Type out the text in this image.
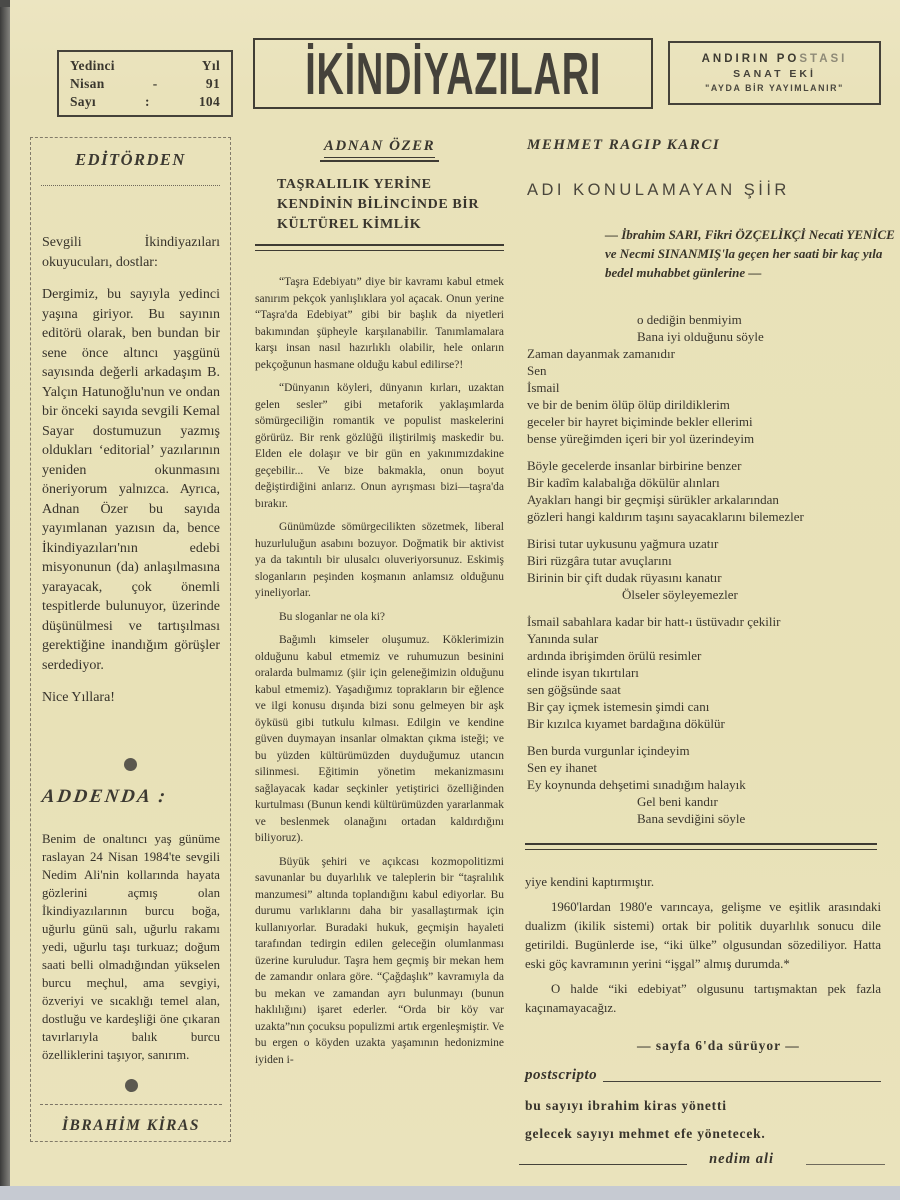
Yedinci Yıl
Nisan - 91
Sayı : 104 İKİNDİYAZILARI	ANDIRIN POSTASI
SANAT EKİ
"AYDA BİR YAYIMLANIR"
EDİTÖRDEN

Sevgili İkindiyazıları okuyucuları, dostlar:

Dergimiz, bu sayıyla yedinci yaşına giriyor. Bu sayının editörü olarak, ben bundan bir sene önce altıncı yaşgünü sayısında değerli arkadaşım B. Yalçın Hatunoğlu'nun ve ondan bir önceki sayıda sevgili Kemal Sayar dostumuzun yazmış oldukları ‘editorial’ yazılarının yeniden okunmasını öneriyorum yalnızca. Ayrıca, Adnan Özer bu sayıda yayımlanan yazısın da, bence İkindiyazıları'nın edebi misyonunun (da) anlaşılmasına yarayacak, çok önemli tespitlerde bulunuyor, üzerinde düşünülmesi ve tartışılması gerektiğine inandığım görüşler serdediyor.

Nice Yıllara!

ADDENDA :
Benim de onaltıncı yaş günüme raslayan 24 Nisan 1984'te sevgili Nedim Ali'nin kollarında hayata gözlerini açmış olan İkindiyazılarının burcu boğa, uğurlu günü salı, uğurlu rakamı yedi, uğurlu taşı turkuaz; doğum saati belli olmadığından yükselen burcu meçhul, ama sevgiyi, özveriyi ve sıcaklığı temel alan, dostluğu ve kardeşliği öne çıkaran tavırlarıyla balık burcu özelliklerini taşıyor, sanırım.
İBRAHİM KİRAS
ADNAN ÖZER
TAŞRALILIK YERİNE KENDİNİN BİLİNCİNDE BİR KÜLTÜREL KİMLİK

“Taşra Edebiyatı” diye bir kavramı kabul etmek sanırım pekçok yanlışlıklara yol açacak. Onun yerine “Taşra'da Edebiyat” gibi bir başlık da niyetleri bakımından şüpheyle karşılanabilir. Tanımlamalara karşı insan nasıl hazırlıklı olabilir, hele onların pekçoğunun hasmane olduğu kabul edilirse?!

“Dünyanın köyleri, dünyanın kırları, uzaktan gelen sesler” gibi metaforik yaklaşımlarda sömürgeciliğin romantik ve populist maskelerini görürüz. Bir renk gözlüğü iliştirilmiş maskedir bu. Elden ele dolaşır ve bir gün en yakınımızdakine geçebilir... Ve bize bakmakla, onun boyut değiştirdiğini anlarız. Onun ayrışması bizi—taşra'da bırakır.

Günümüzde sömürgecilikten sözetmek, liberal huzurluluğun asabını bozuyor. Doğmatik bir aktivist ya da takıntılı bir ulusalcı oluveriyorsunuz. Eskimiş sloganların peşinden koşmanın anlamsız olduğunu yineliyorlar.

Bu sloganlar ne ola ki?

Bağımlı kimseler oluşumuz. Köklerimizin olduğunu kabul etmemiz ve ruhumuzun besinini oralarda bulmamız (şiir için geleneğimizin olduğunu kabul etmemiz). Yaşadığımız toprakların bir eğlence ve ilgi konusu dışında bizi sonu gelmeyen bir aşk öyküsü gibi tutkulu kılması. Edilgin ve kendine güven duymayan insanlar olmaktan çıkma isteği; ve bu yüzden kültürümüzden duyduğumuz utancın silinmesi. Eğitimin yönetim mekanizmasını sağlayacak kadar seçkinler yetiştirici özelliğinden kurtulması (Bunun kendi kültürümüzden yararlanmak ve beslenmek olanağını ortadan kaldırdığını biliyoruz).

Büyük şehiri ve açıkcası kozmopolitizmi savunanlar bu duyarlılık ve taleplerin bir “taşralılık manzumesi” altında toplandığını kabul ediyorlar. Bu durumu varlıklarını daha bir yasallaştırmak için kullanıyorlar. Buradaki hukuk, geçmişin hayaleti tarafından tedirgin edilen geleceğin olumlanması üzerine kuruludur. Taşra hem geçmiş bir mekan hem de zamandır onlara göre. “Çağdaşlık” kavramıyla da bu mekan ve zamandan ayrı bulunmayı (bunun haklılığını) işaret ederler. “Orda bir köy var uzakta”nın çocuksu populizmi artık ergenleşmiştir. Ve bu ergen o köyden uzakta yaşamının hedonizmine iyiden i-

MEHMET RAGIP KARCI
ADI KONULAMAYAN ŞİİR
— İbrahim SARI, Fikri ÖZÇELİKÇİ Necati YENİCE ve Necmi SINANMIŞ'la geçen her saati bir kaç yıla bedel muhabbet günlerine —
o dediğin benmiyim
Bana iyi olduğunu söyle
Zaman dayanmak zamanıdır
Sen
İsmail
ve bir de benim ölüp ölüp dirildiklerim
geceler bir hayret biçiminde bekler ellerimi
bense yüreğimden içeri bir yol üzerindeyim
Böyle gecelerde insanlar birbirine benzer
Bir kadîm kalabalığa dökülür alınları
Ayakları hangi bir geçmişi sürükler arkalarından
gözleri hangi kaldırım taşını sayacaklarını bilemezler
Birisi tutar uykusunu yağmura uzatır
Biri rüzgâra tutar avuçlarını
Birinin bir çift dudak rüyasını kanatır
Ölseler söyleyemezler
İsmail sabahlara kadar bir hatt-ı üstüvadır çekilir
Yanında sular
ardında ibrişimden örülü resimler
elinde isyan tıkırtıları
sen göğsünde saat
Bir çay içmek istemesin şimdi canı
Bir kızılca kıyamet bardağına dökülür
Ben burda vurgunlar içindeyim
Sen ey ihanet
Ey koynunda dehşetimi sınadığım halayık
Gel beni kandır
Bana sevdiğini söyle

yiye kendini kaptırmıştır.

1960'lardan 1980'e varıncaya, gelişme ve eşitlik arasındaki dualizm (ikilik sistemi) ortak bir politik duyarlılık sonucu dile getirildi. Bugünlerde ise, “iki ülke” olgusundan sözediliyor. Hatta eski göç kavramının yerini “işgal” almış durumda.*

O halde “iki edebiyat” olgusunu tartışmaktan pek fazla kaçınamayacağız.

— sayfa 6'da sürüyor —
postscripto
bu sayıyı ibrahim kiras yönetti
gelecek sayıyı mehmet efe yönetecek.
nedim ali
